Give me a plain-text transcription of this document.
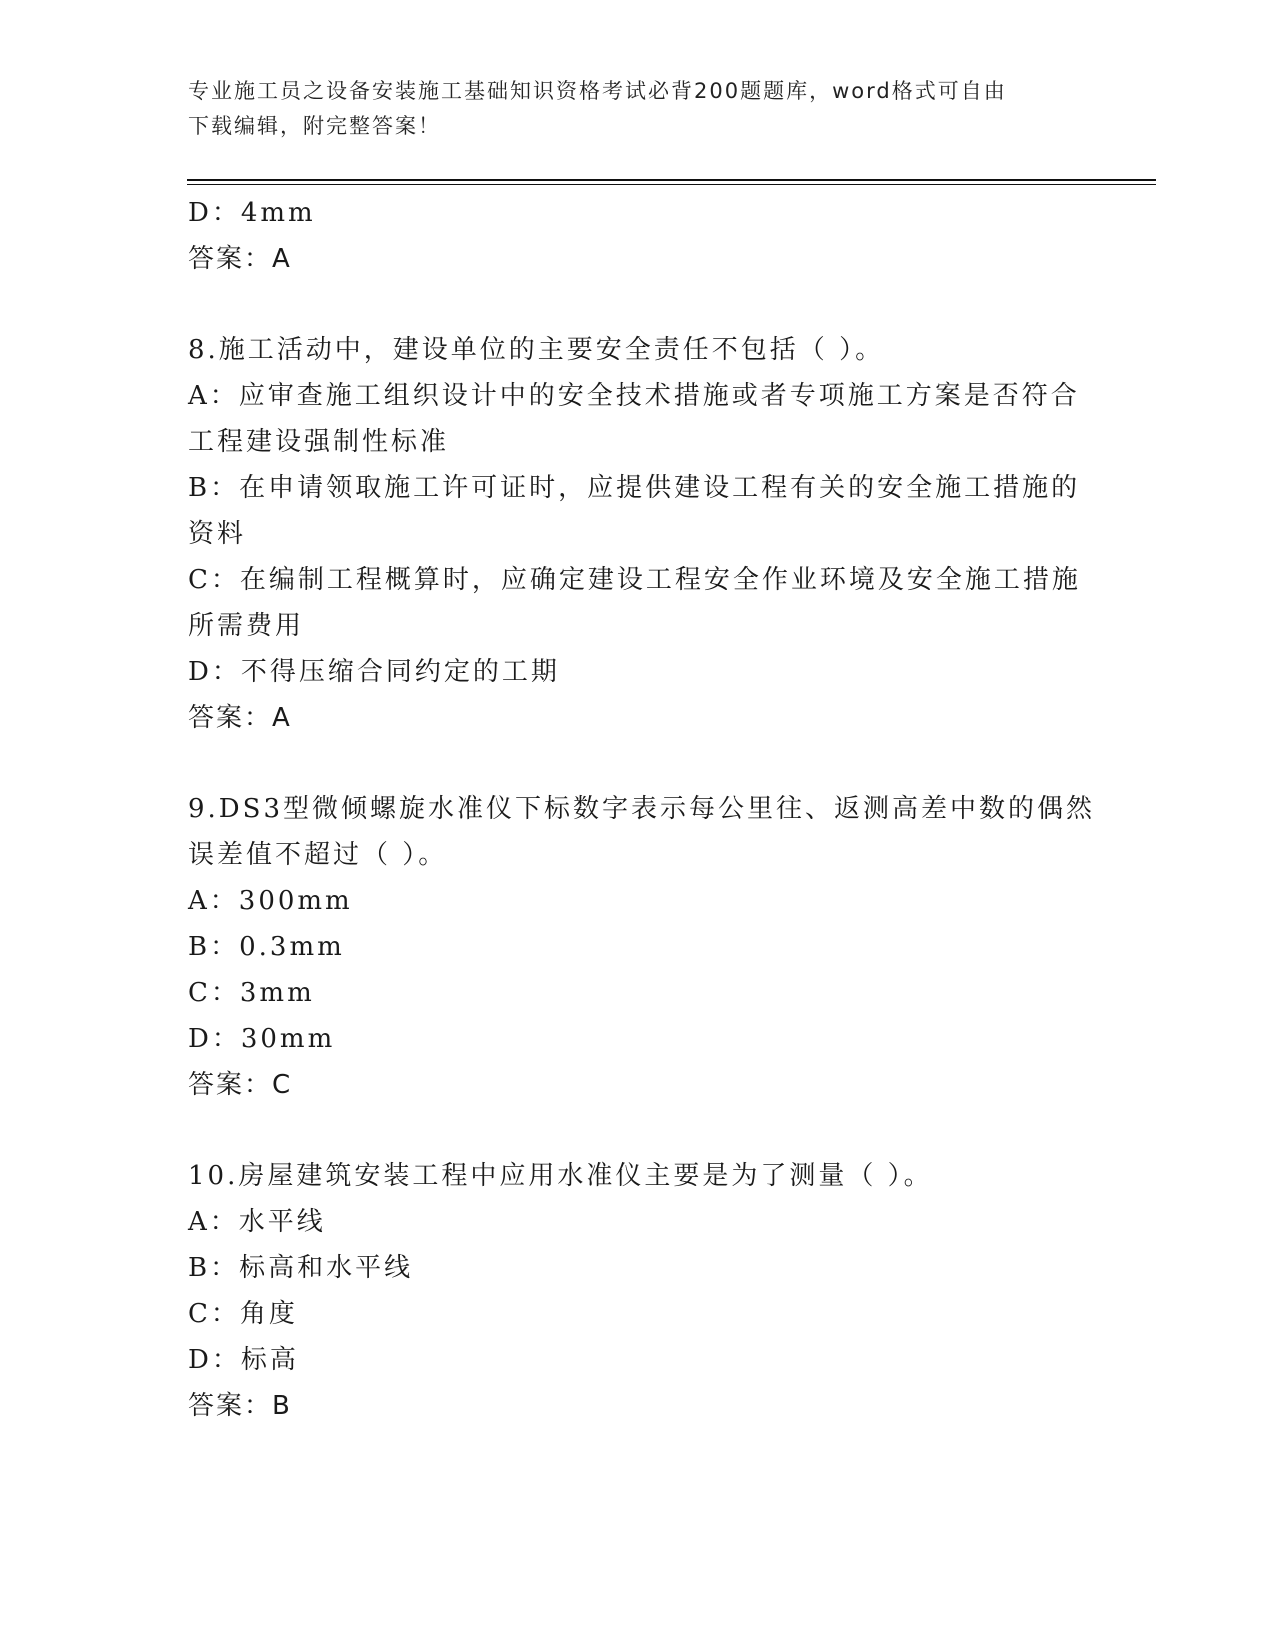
专业施工员之设备安装施工基础知识资格考试必背200题题库，word格式可自由
下载编辑，附完整答案！
D：4mm
答案：A
8.施工活动中，建设单位的主要安全责任不包括（ ）。
A：应审查施工组织设计中的安全技术措施或者专项施工方案是否符合
工程建设强制性标准
B：在申请领取施工许可证时，应提供建设工程有关的安全施工措施的
资料
C：在编制工程概算时，应确定建设工程安全作业环境及安全施工措施
所需费用
D：不得压缩合同约定的工期
答案：A
9.DS3型微倾螺旋水准仪下标数字表示每公里往、返测高差中数的偶然
误差值不超过（ ）。
A：300mm
B：0.3mm
C：3mm
D：30mm
答案：C
10.房屋建筑安装工程中应用水准仪主要是为了测量（ ）。
A：水平线
B：标高和水平线
C：角度
D：标高
答案：B
